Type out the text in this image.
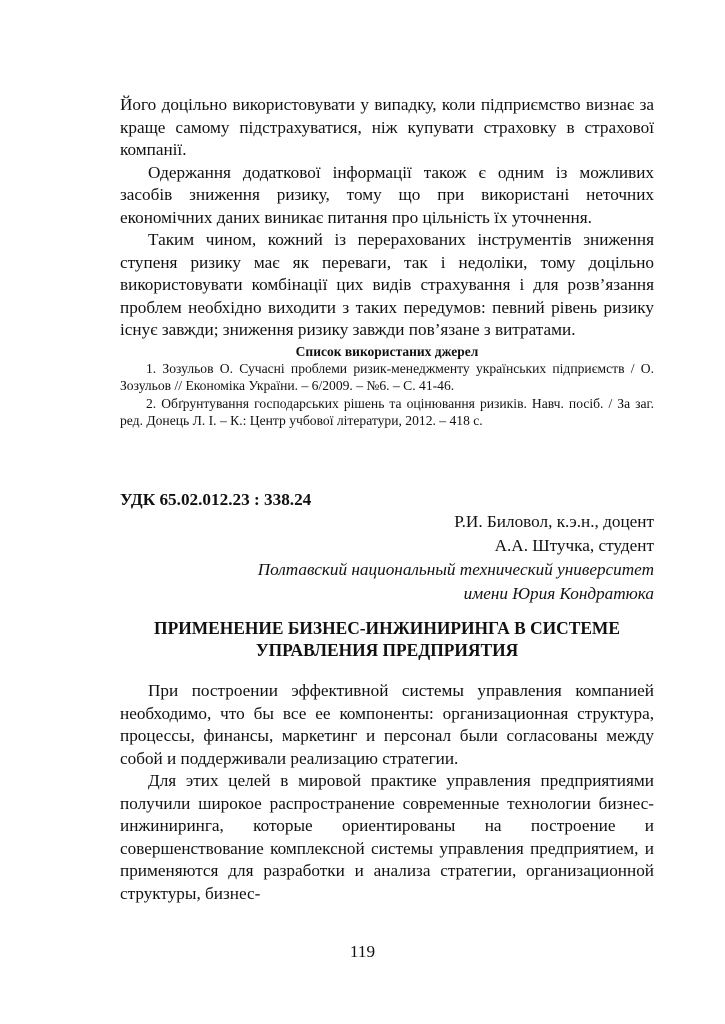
Його доцільно використовувати у випадку, коли підприємство визнає за краще самому підстрахуватися, ніж купувати страховку в страхової компанії.

Одержання додаткової інформації також є одним із можливих засобів зниження ризику, тому що при використані неточних економічних даних виникає питання про цільність їх уточнення.

Таким чином, кожний із перерахованих інструментів зниження ступеня ризику має як переваги, так і недоліки, тому доцільно використовувати комбінації цих видів страхування і для розв’язання проблем необхідно виходити з таких передумов: певний рівень ризику існує завжди; зниження ризику завжди пов’язане з витратами.

Список використаних джерел

1. Зозульов О. Сучасні проблеми ризик-менеджменту українських підприємств / О. Зозульов // Економіка України. – 6/2009. – №6. – С. 41-46.

2. Обґрунтування господарських рішень та оцінювання ризиків. Навч. посіб. / За заг. ред. Донець Л. І. – К.: Центр учбової літератури, 2012. – 418 с.

УДК 65.02.012.23 : 338.24

Р.И. Биловол, к.э.н., доцент
А.А. Штучка, студент
Полтавский национальный технический университет
имени Юрия Кондратюка
ПРИМЕНЕНИЕ БИЗНЕС-ИНЖИНИРИНГА В СИСТЕМЕ
УПРАВЛЕНИЯ ПРЕДПРИЯТИЯ

При построении эффективной системы управления компанией необходимо, что бы все ее компоненты: организационная структура, процессы, финансы, маркетинг и персонал были согласованы между собой и поддерживали реализацию стратегии.

Для этих целей в мировой практике управления предприятиями получили широкое распространение современные технологии бизнес-инжиниринга, которые ориентированы на построение и совершенствование комплексной системы управления предприятием, и применяются для разработки и анализа стратегии, организационной структуры, бизнес-

119
